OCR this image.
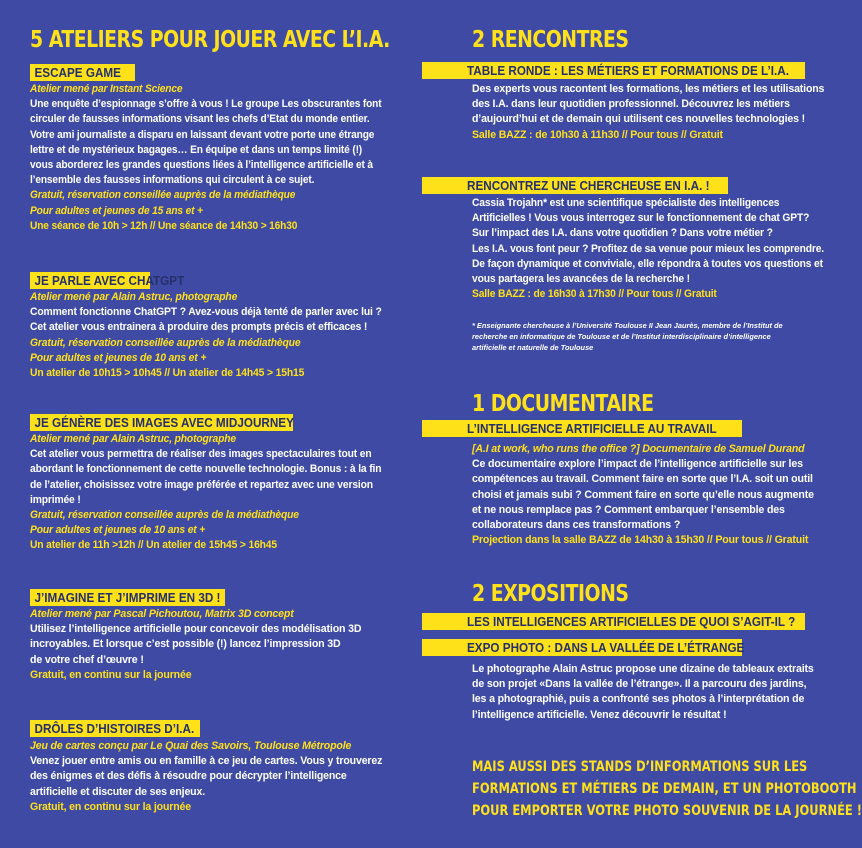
5 ATELIERS POUR JOUER AVEC L’I.A.
ESCAPE GAME
Atelier mené par Instant Science
Une enquête d’espionnage s’offre à vous ! Le groupe Les obscurantes font
circuler de fausses informations visant les chefs d’Etat du monde entier.
Votre ami journaliste a disparu en laissant devant votre porte une étrange
lettre et de mystérieux bagages… En équipe et dans un temps limité (!)
vous aborderez les grandes questions liées à l’intelligence artificielle et à
l’ensemble des fausses informations qui circulent à ce sujet.
Gratuit, réservation conseillée auprès de la médiathèque
Pour adultes et jeunes de 15 ans et +
Une séance de 10h > 12h // Une séance de 14h30 > 16h30
JE PARLE AVEC CHATGPT
Atelier mené par Alain Astruc, photographe
Comment fonctionne ChatGPT ? Avez-vous déjà tenté de parler avec lui ?
Cet atelier vous entrainera à produire des prompts précis et efficaces !
Gratuit, réservation conseillée auprès de la médiathèque
Pour adultes et jeunes de 10 ans et +
Un atelier de 10h15 > 10h45 // Un atelier de 14h45 > 15h15
JE GÉNÈRE DES IMAGES AVEC MIDJOURNEY
Atelier mené par Alain Astruc, photographe
Cet atelier vous permettra de réaliser des images spectaculaires tout en
abordant le fonctionnement de cette nouvelle technologie. Bonus : à la fin
de l’atelier, choisissez votre image préférée et repartez avec une version
imprimée !
Gratuit, réservation conseillée auprès de la médiathèque
Pour adultes et jeunes de 10 ans et +
Un atelier de 11h >12h // Un atelier de 15h45 > 16h45
J’IMAGINE ET J’IMPRIME EN 3D !
Atelier mené par Pascal Pichoutou, Matrix 3D concept
Utilisez l’intelligence artificielle pour concevoir des modélisation 3D
incroyables. Et lorsque c’est possible (!) lancez l’impression 3D
de votre chef d’œuvre !
Gratuit, en continu sur la journée
DRÔLES D’HISTOIRES D’I.A.
Jeu de cartes conçu par Le Quai des Savoirs, Toulouse Métropole
Venez jouer entre amis ou en famille à ce jeu de cartes. Vous y trouverez
des énigmes et des défis à résoudre pour décrypter l’intelligence
artificielle et discuter de ses enjeux.
Gratuit, en continu sur la journée
2 RENCONTRES
TABLE RONDE : LES MÉTIERS ET FORMATIONS DE L’I.A.
Des experts vous racontent les formations, les métiers et les utilisations
des I.A. dans leur quotidien professionnel. Découvrez les métiers
d’aujourd’hui et de demain qui utilisent ces nouvelles technologies !
Salle BAZZ : de 10h30 à 11h30 // Pour tous // Gratuit
RENCONTREZ UNE CHERCHEUSE EN I.A. !
Cassia Trojahn* est une scientifique spécialiste des intelligences
Artificielles ! Vous vous interrogez sur le fonctionnement de chat GPT?
Sur l’impact des I.A. dans votre quotidien ? Dans votre métier ?
Les I.A. vous font peur ? Profitez de sa venue pour mieux les comprendre.
De façon dynamique et conviviale, elle répondra à toutes vos questions et
vous partagera les avancées de la recherche !
Salle BAZZ : de 16h30 à 17h30 // Pour tous // Gratuit
* Enseignante chercheuse à l’Université Toulouse II Jean Jaurès, membre de l’Institut de
recherche en informatique de Toulouse et de l’Institut interdisciplinaire d’intelligence
artificielle et naturelle de Toulouse
1 DOCUMENTAIRE
L’INTELLIGENCE ARTIFICIELLE AU TRAVAIL
[A.I at work, who runs the office ?] Documentaire de Samuel Durand
Ce documentaire explore l’impact de l’intelligence artificielle sur les
compétences au travail. Comment faire en sorte que l’I.A. soit un outil
choisi et jamais subi ? Comment faire en sorte qu’elle nous augmente
et ne nous remplace pas ? Comment embarquer l’ensemble des
collaborateurs dans ces transformations ?
Projection dans la salle BAZZ de 14h30 à 15h30 // Pour tous // Gratuit
2 EXPOSITIONS
LES INTELLIGENCES ARTIFICIELLES DE QUOI S’AGIT-IL ?
EXPO PHOTO : DANS LA VALLÉE DE L’ÉTRANGE
Le photographe Alain Astruc propose une dizaine de tableaux extraits
de son projet «Dans la vallée de l’étrange». Il a parcouru des jardins,
les a photographié, puis a confronté ses photos à l’interprétation de
l’intelligence artificielle. Venez découvrir le résultat !
MAIS AUSSI DES STANDS D’INFORMATIONS SUR LES
FORMATIONS ET MÉTIERS DE DEMAIN, ET UN PHOTOBOOTH
POUR EMPORTER VOTRE PHOTO SOUVENIR DE LA JOURNÉE !
